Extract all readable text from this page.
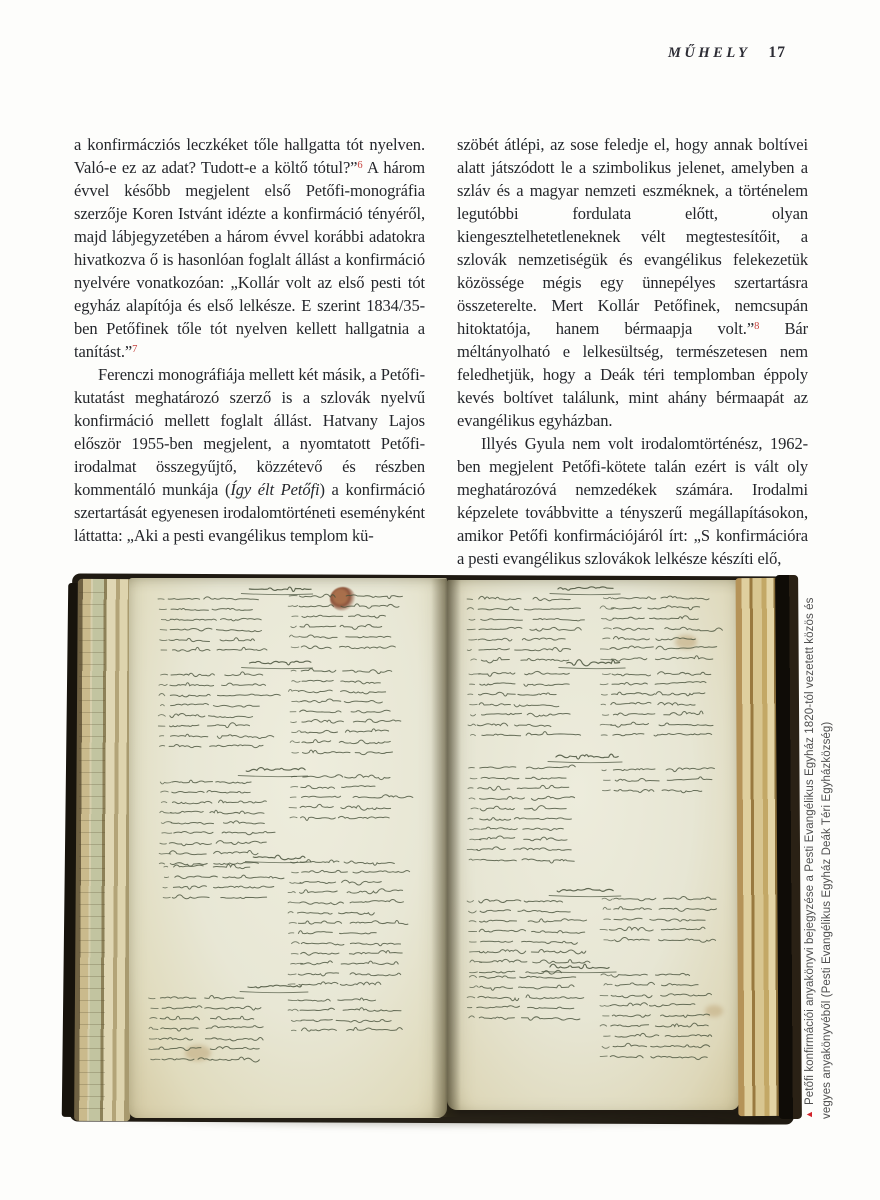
MŰHELY 17

a konfirmácziós leczkéket tőle hallgatta tót nyelven. Való-e ez az adat? Tudott-e a költő tótul?”$^6$ A három évvel később megjelent első Petőfi-monográfia szerzője Koren Istvánt idézte a konfirmáció tényéről, majd lábjegyzetében a három évvel korábbi adatokra hivatkozva ő is hasonlóan foglalt állást a konfirmáció nyelvére vonatkozóan: „Kollár volt az első pesti tót egyház alapítója és első lelkésze. E szerint 1834/35-ben Petőfinek tőle tót nyelven kellett hallgatnia a tanítást.”$^7$

Ferenczi monográfiája mellett két másik, a Petőfi-kutatást meghatározó szerző is a szlovák nyelvű konfirmáció mellett foglalt állást. Hatvany Lajos először 1955-ben megjelent, a nyomtatott Petőfi-irodalmat összegyűjtő, közzétevő és részben kommentáló munkája (Így élt Petőfi) a konfirmáció szertartását egyenesen irodalomtörténeti eseményként láttatta: „Aki a pesti evangélikus templom kü-

szöbét átlépi, az sose feledje el, hogy annak boltívei alatt játszódott le a szimbolikus jelenet, amelyben a szláv és a magyar nemzeti eszméknek, a történelem legutóbbi fordulata előtt, olyan kiengesztelhetetleneknek vélt megtestesítőit, a szlovák nemzetiségük és evangélikus felekezetük közössége mégis egy ünnepélyes szertartásra összeterelte. Mert Kollár Petőfinek, nemcsupán hitoktatója, hanem bérmaapja volt.”$^8$ Bár méltányolható e lelkesültség, természetesen nem feledhetjük, hogy a Deák téri templomban éppoly kevés boltívet találunk, mint ahány bérmaapát az evangélikus egyházban.

Illyés Gyula nem volt irodalomtörténész, 1962-ben megjelent Petőfi-kötete talán ezért is vált oly meghatározóvá nemzedékek számára. Irodalmi képzelete továbbvitte a tényszerű megállapításokon, amikor Petőfi konfirmációjáról írt: „S konfirmációra a pesti evangélikus szlovákok lelkésze készíti elő,

▲Petőfi konfirmációi anyakönyvi bejegyzése a Pesti Evangélikus Egyház 1820-tól vezetett közös és vegyes anyakönyvéből (Pesti Evangélikus Egyház Deák Téri Egyházközség)
